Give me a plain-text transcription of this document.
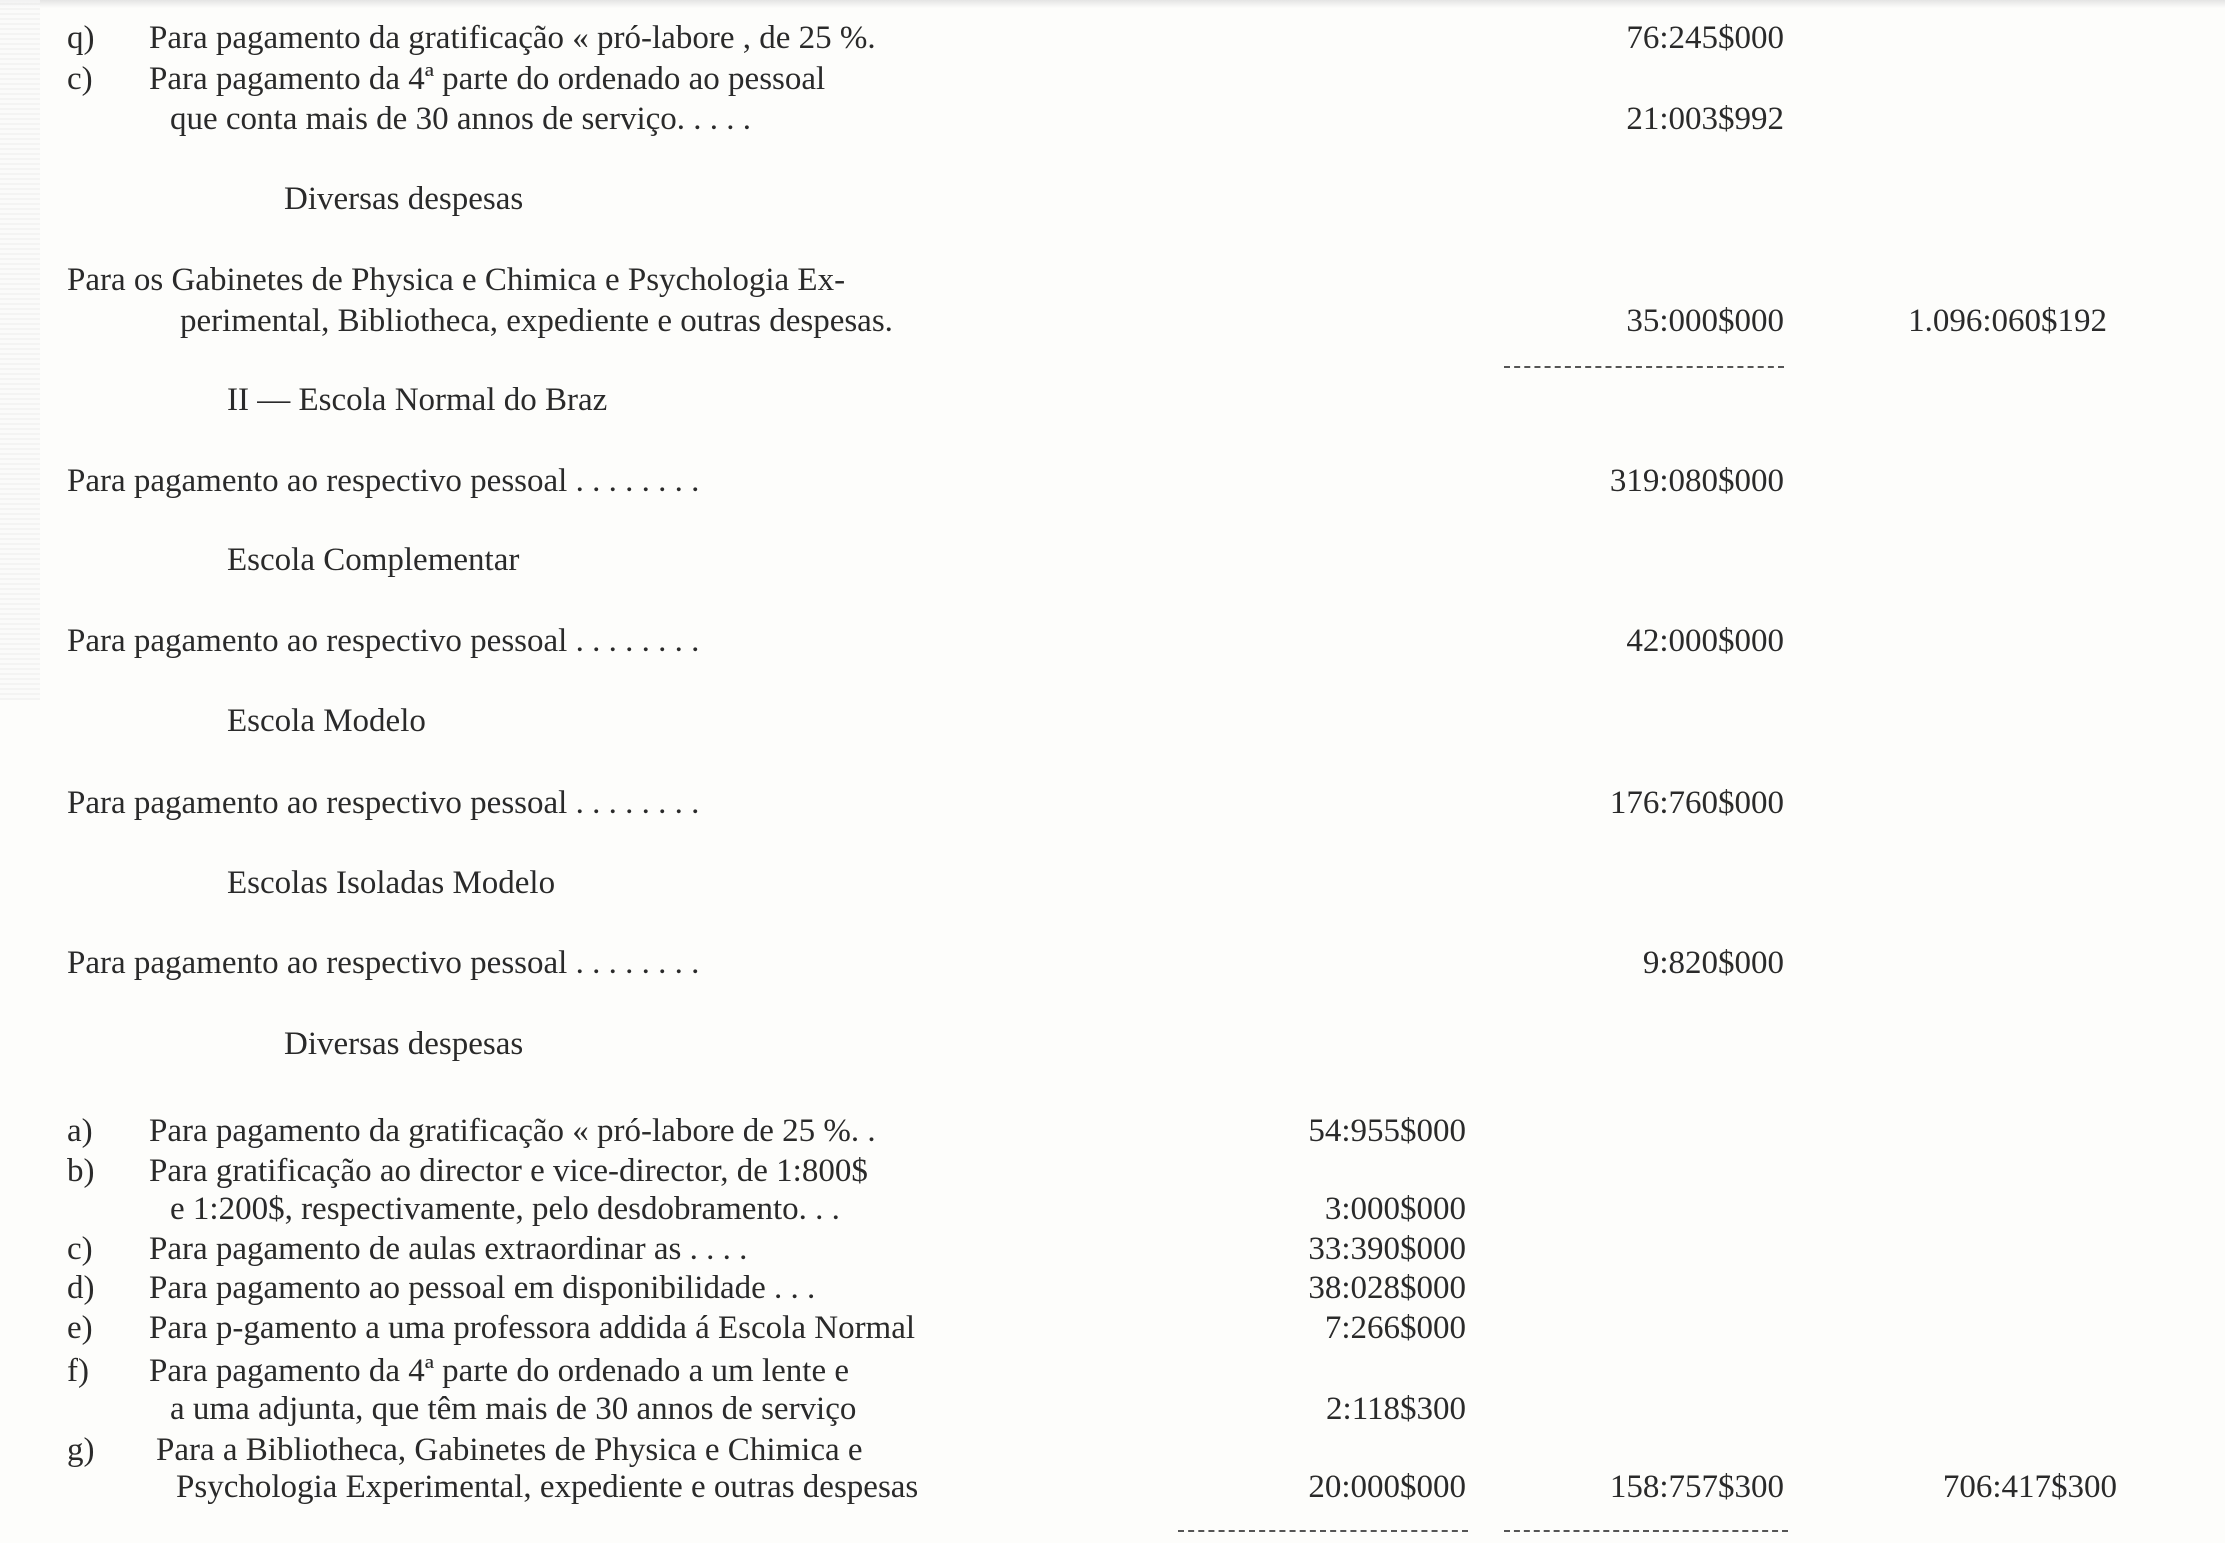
q) Para pagamento da gratificação « pró-labore , de 25 %.	76:245$000
c) Para pagamento da 4ª parte do ordenado ao pessoal
que conta mais de 30 annos de serviço. . . . .	21:003$992
Diversas despesas
Para os Gabinetes de Physica e Chimica e Psychologia Ex-
perimental, Bibliotheca, expediente e outras despesas.	35:000$000	1.096:060$192
II — Escola Normal do Braz
Para pagamento ao respectivo pessoal . . . . . . . .	319:080$000
Escola Complementar
Para pagamento ao respectivo pessoal . . . . . . . .	42:000$000
Escola Modelo
Para pagamento ao respectivo pessoal . . . . . . . .	176:760$000
Escolas Isoladas Modelo
Para pagamento ao respectivo pessoal . . . . . . . .	9:820$000
Diversas despesas
a) Para pagamento da gratificação « pró-labore de 25 %. .	54:955$000
b) Para gratificação ao director e vice-director, de 1:800$
e 1:200$, respectivamente, pelo desdobramento. . .	3:000$000
c) Para pagamento de aulas extraordinar as . . . .	33:390$000
d) Para pagamento ao pessoal em disponibilidade . . .	38:028$000
e) Para p-gamento a uma professora addida á Escola Normal	7:266$000
f) Para pagamento da 4ª parte do ordenado a um lente e
a uma adjunta, que têm mais de 30 annos de serviço	2:118$300
g) Para a Bibliotheca, Gabinetes de Physica e Chimica e
Psychologia Experimental, expediente e outras despesas	20:000$000	158:757$300	706:417$300
